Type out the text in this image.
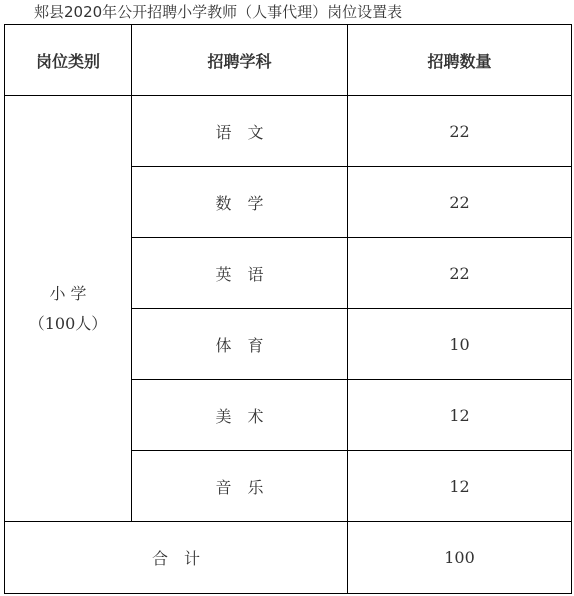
郏县2020年公开招聘小学教师（人事代理）岗位设置表
岗位类别	招聘学科	招聘数量

小 学
（100人）	语　文	22
	数　学	22
	英　语	22
	体　育	10
	美　术	12
	音　乐	12
合　计		100
